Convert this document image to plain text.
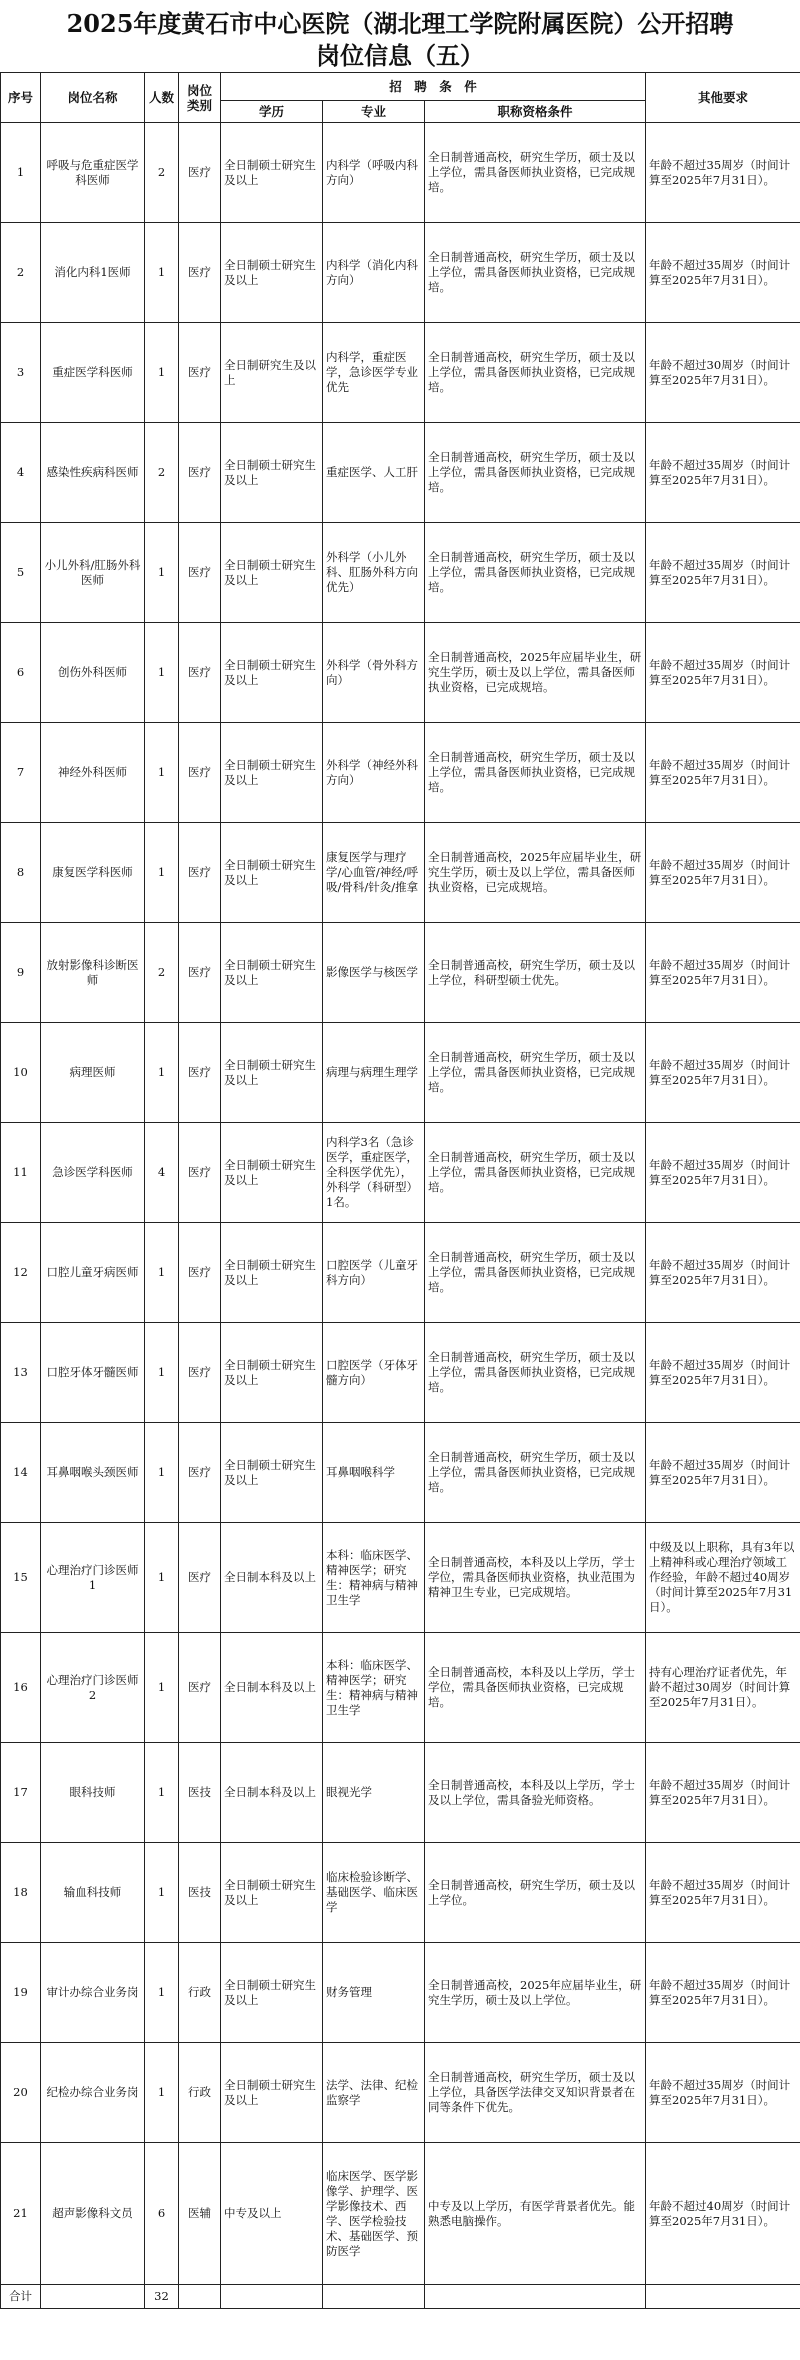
2025年度黄石市中心医院（湖北理工学院附属医院）公开招聘
岗位信息（五）
序号	岗位名称	人数	岗位类别	招　聘　条　件			其他要求
				学历	专业	职称资格条件	
1	呼吸与危重症医学科医师	2	医疗	全日制硕士研究生及以上	内科学（呼吸内科方向）	全日制普通高校，研究生学历，硕士及以上学位，需具备医师执业资格，已完成规培。	年龄不超过35周岁（时间计算至2025年7月31日）。
2	消化内科1医师	1	医疗	全日制硕士研究生及以上	内科学（消化内科方向）	全日制普通高校，研究生学历，硕士及以上学位，需具备医师执业资格，已完成规培。	年龄不超过35周岁（时间计算至2025年7月31日）。
3	重症医学科医师	1	医疗	全日制研究生及以上	内科学，重症医学，急诊医学专业优先	全日制普通高校，研究生学历，硕士及以上学位，需具备医师执业资格，已完成规培。	年龄不超过30周岁（时间计算至2025年7月31日）。
4	感染性疾病科医师	2	医疗	全日制硕士研究生及以上	重症医学、人工肝	全日制普通高校，研究生学历，硕士及以上学位，需具备医师执业资格，已完成规培。	年龄不超过35周岁（时间计算至2025年7月31日）。
5	小儿外科/肛肠外科医师	1	医疗	全日制硕士研究生及以上	外科学（小儿外科、肛肠外科方向优先）	全日制普通高校，研究生学历，硕士及以上学位，需具备医师执业资格，已完成规培。	年龄不超过35周岁（时间计算至2025年7月31日）。
6	创伤外科医师	1	医疗	全日制硕士研究生及以上	外科学（骨外科方向）	全日制普通高校，2025年应届毕业生，研究生学历，硕士及以上学位，需具备医师执业资格，已完成规培。	年龄不超过35周岁（时间计算至2025年7月31日）。
7	神经外科医师	1	医疗	全日制硕士研究生及以上	外科学（神经外科方向）	全日制普通高校，研究生学历，硕士及以上学位，需具备医师执业资格，已完成规培。	年龄不超过35周岁（时间计算至2025年7月31日）。
8	康复医学科医师	1	医疗	全日制硕士研究生及以上	康复医学与理疗学/心血管/神经/呼吸/骨科/针灸/推拿	全日制普通高校，2025年应届毕业生，研究生学历，硕士及以上学位，需具备医师执业资格，已完成规培。	年龄不超过35周岁（时间计算至2025年7月31日）。
9	放射影像科诊断医师	2	医疗	全日制硕士研究生及以上	影像医学与核医学	全日制普通高校，研究生学历，硕士及以上学位，科研型硕士优先。	年龄不超过35周岁（时间计算至2025年7月31日）。
10	病理医师	1	医疗	全日制硕士研究生及以上	病理与病理生理学	全日制普通高校，研究生学历，硕士及以上学位，需具备医师执业资格，已完成规培。	年龄不超过35周岁（时间计算至2025年7月31日）。
11	急诊医学科医师	4	医疗	全日制硕士研究生及以上	内科学3名（急诊医学，重症医学，全科医学优先），外科学（科研型）1名。	全日制普通高校，研究生学历，硕士及以上学位，需具备医师执业资格，已完成规培。	年龄不超过35周岁（时间计算至2025年7月31日）。
12	口腔儿童牙病医师	1	医疗	全日制硕士研究生及以上	口腔医学（儿童牙科方向）	全日制普通高校，研究生学历，硕士及以上学位，需具备医师执业资格，已完成规培。	年龄不超过35周岁（时间计算至2025年7月31日）。
13	口腔牙体牙髓医师	1	医疗	全日制硕士研究生及以上	口腔医学（牙体牙髓方向）	全日制普通高校，研究生学历，硕士及以上学位，需具备医师执业资格，已完成规培。	年龄不超过35周岁（时间计算至2025年7月31日）。
14	耳鼻咽喉头颈医师	1	医疗	全日制硕士研究生及以上	耳鼻咽喉科学	全日制普通高校，研究生学历，硕士及以上学位，需具备医师执业资格，已完成规培。	年龄不超过35周岁（时间计算至2025年7月31日）。
15	心理治疗门诊医师1	1	医疗	全日制本科及以上	本科：临床医学、精神医学；研究生：精神病与精神卫生学	全日制普通高校，本科及以上学历，学士学位，需具备医师执业资格，执业范围为精神卫生专业，已完成规培。	中级及以上职称，具有3年以上精神科或心理治疗领域工作经验，年龄不超过40周岁（时间计算至2025年7月31日）。
16	心理治疗门诊医师2	1	医疗	全日制本科及以上	本科：临床医学、精神医学；研究生：精神病与精神卫生学	全日制普通高校，本科及以上学历，学士学位，需具备医师执业资格，已完成规培。	持有心理治疗证者优先，年龄不超过30周岁（时间计算至2025年7月31日）。
17	眼科技师	1	医技	全日制本科及以上	眼视光学	全日制普通高校，本科及以上学历，学士及以上学位，需具备验光师资格。	年龄不超过35周岁（时间计算至2025年7月31日）。
18	输血科技师	1	医技	全日制硕士研究生及以上	临床检验诊断学、基础医学、临床医学	全日制普通高校，研究生学历，硕士及以上学位。	年龄不超过35周岁（时间计算至2025年7月31日）。
19	审计办综合业务岗	1	行政	全日制硕士研究生及以上	财务管理	全日制普通高校，2025年应届毕业生，研究生学历，硕士及以上学位。	年龄不超过35周岁（时间计算至2025年7月31日）。
20	纪检办综合业务岗	1	行政	全日制硕士研究生及以上	法学、法律、纪检监察学	全日制普通高校，研究生学历，硕士及以上学位，具备医学法律交叉知识背景者在同等条件下优先。	年龄不超过35周岁（时间计算至2025年7月31日）。
21	超声影像科文员	6	医辅	中专及以上	临床医学、医学影像学、护理学、医学影像技术、西学、医学检验技术、基础医学、预防医学	中专及以上学历，有医学背景者优先。能熟悉电脑操作。	年龄不超过40周岁（时间计算至2025年7月31日）。
合计		32					
